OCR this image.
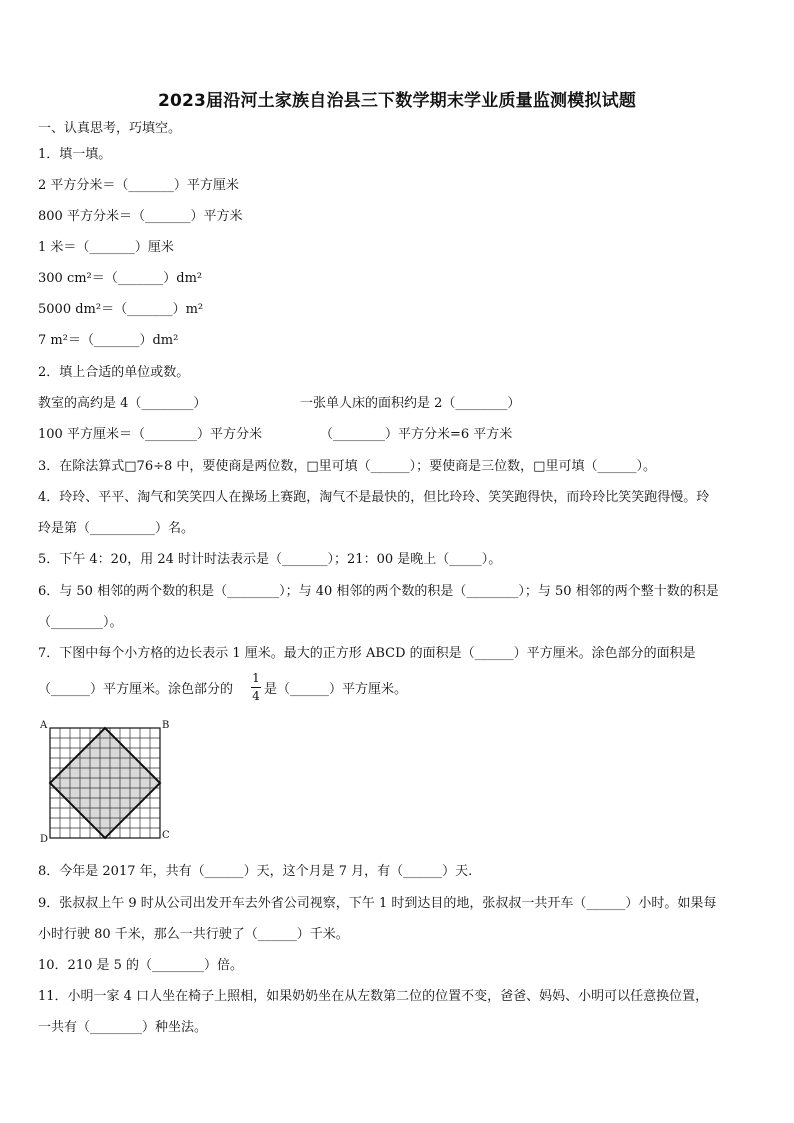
2023届沿河土家族自治县三下数学期末学业质量监测模拟试题
一、认真思考，巧填空。
1．填一填。
2 平方分米＝（_______）平方厘米
800 平方分米＝（_______）平方米
1 米＝（_______）厘米
300 cm²＝（_______）dm²
5000 dm²＝（_______）m²
7 m²＝（_______）dm²
2．填上合适的单位或数。
教室的高约是 4（________）	一张单人床的面积约是 2（________）
100 平方厘米＝（________）平方分米	（________）平方分米=6 平方米
3．在除法算式□76÷8 中，要使商是两位数，□里可填（______）；要使商是三位数，□里可填（______）。
4．玲玲、平平、淘气和笑笑四人在操场上赛跑，淘气不是最快的，但比玲玲、笑笑跑得快，而玲玲比笑笑跑得慢。玲
玲是第（__________）名。
5．下午 4：20，用 24 时计时法表示是（_______）；21：00 是晚上（_____）。
6．与 50 相邻的两个数的积是（________）；与 40 相邻的两个数的积是（________）；与 50 相邻的两个整十数的积是
（________）。
7．下图中每个小方格的边长表示 1 厘米。最大的正方形 ABCD 的面积是（______）平方厘米。涂色部分的面积是
（______）平方厘米。涂色部分的
1
4 是（______）平方厘米。
A	B
C
D
8．今年是 2017 年，共有（______）天，这个月是 7 月，有（______）天.
9．张叔叔上午 9 时从公司出发开车去外省公司视察，下午 1 时到达目的地，张叔叔一共开车（______）小时。如果每
小时行驶 80 千米，那么一共行驶了（______）千米。
10．210 是 5 的（________）倍。
11．小明一家 4 口人坐在椅子上照相，如果奶奶坐在从左数第二位的位置不变，爸爸、妈妈、小明可以任意换位置，
一共有（________）种坐法。
